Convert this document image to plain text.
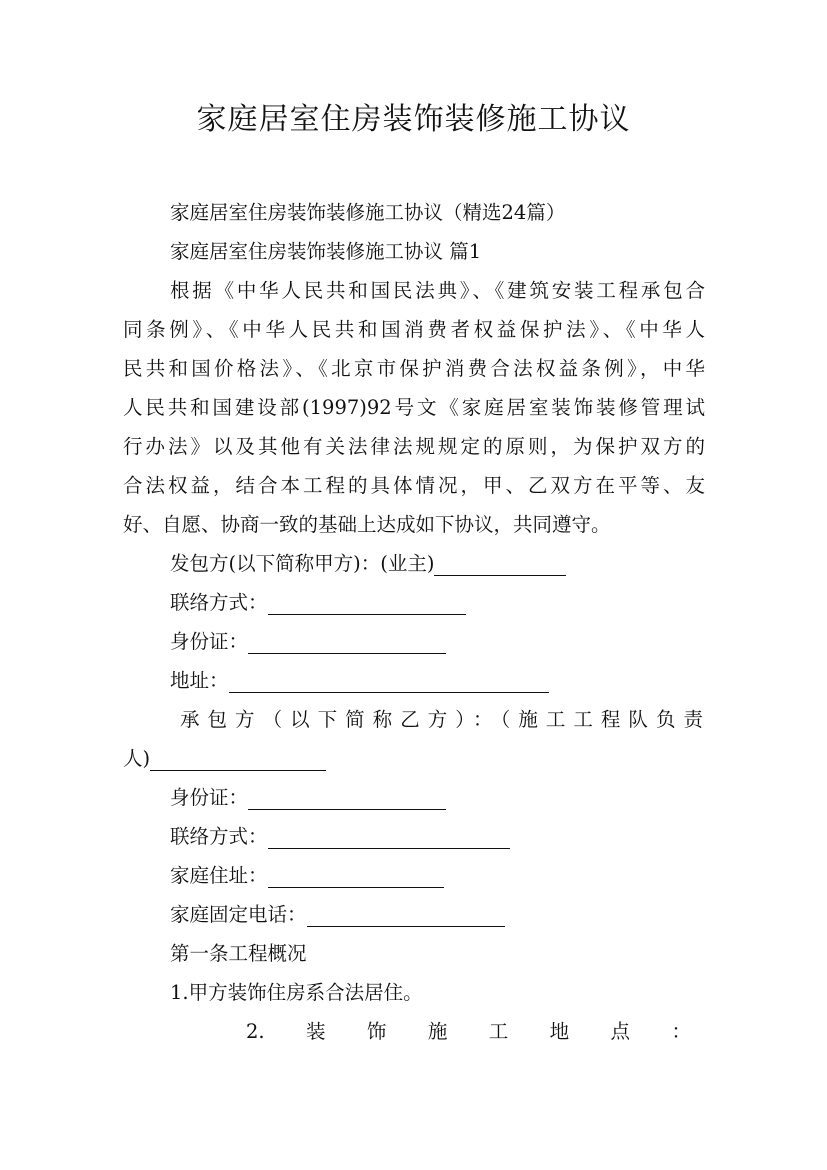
家庭居室住房装饰装修施工协议
家庭居室住房装饰装修施工协议（精选24篇）
家庭居室住房装饰装修施工协议 篇1
根据《中华人民共和国民法典》、《建筑安装工程承包合
同条例》、《中华人民共和国消费者权益保护法》、《中华人
民共和国价格法》、《北京市保护消费合法权益条例》，中华
人民共和国建设部(1997)92号文《家庭居室装饰装修管理试
行办法》以及其他有关法律法规规定的原则，为保护双方的
合法权益，结合本工程的具体情况，甲、乙双方在平等、友
好、自愿、协商一致的基础上达成如下协议，共同遵守。
发包方(以下简称甲方)：(业主)
联络方式：
身份证：
地址：
承包方（以下简称乙方）：（施工工程队负责
人)
身份证：
联络方式：
家庭住址：
家庭固定电话：
第一条工程概况
1.甲方装饰住房系合法居住。
2. 装 饰 施 工 地 点 ：
